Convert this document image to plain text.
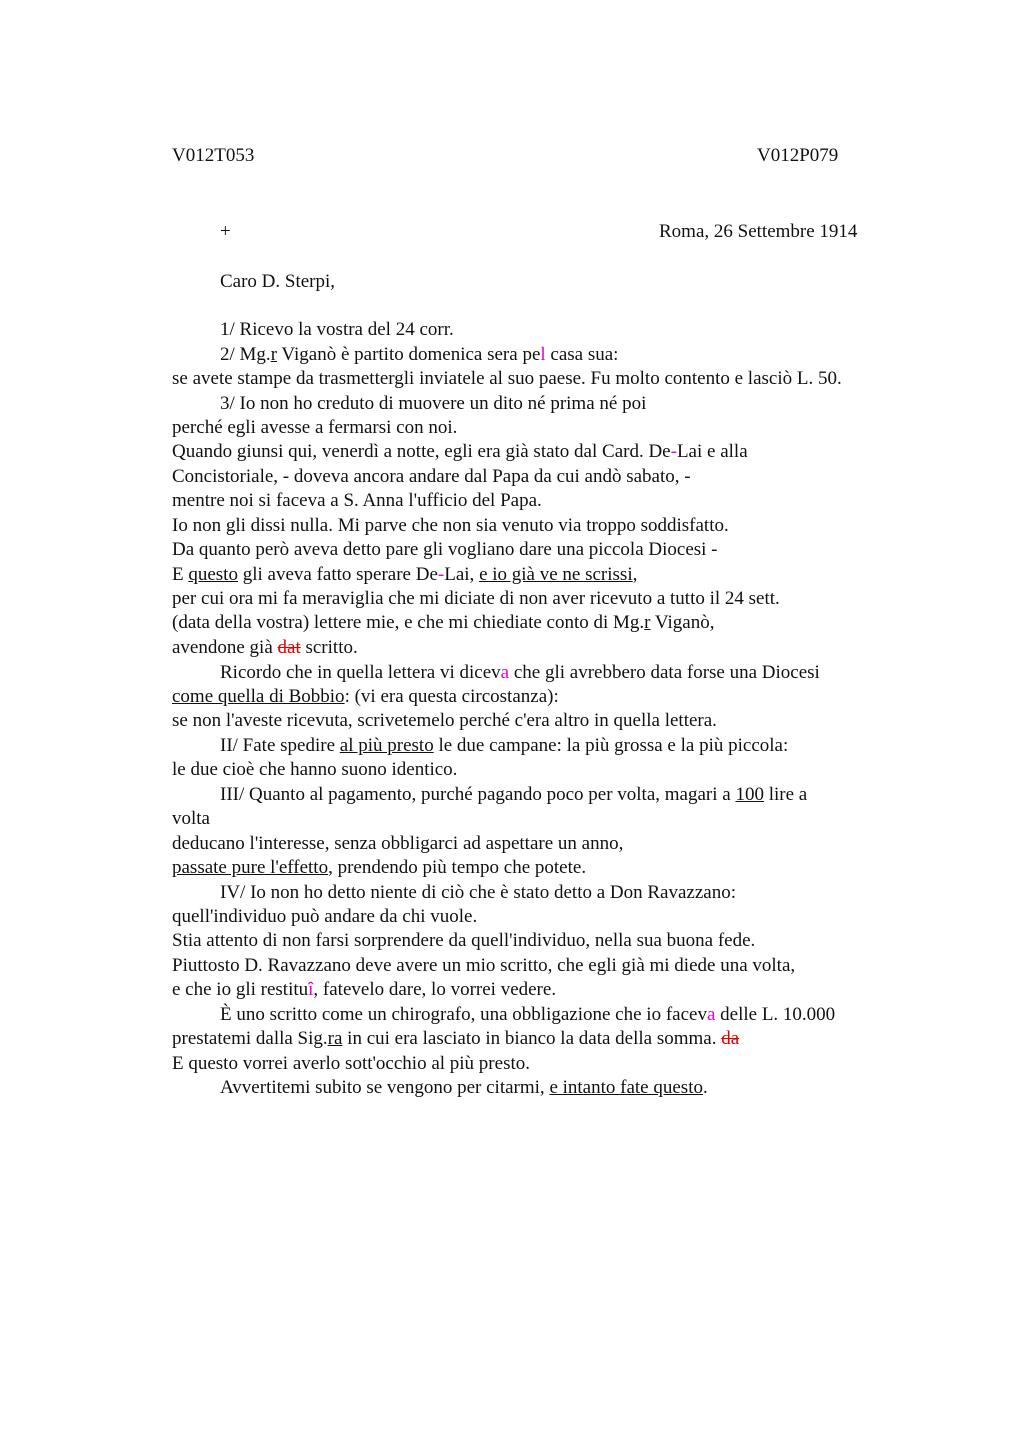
V012T053	V012P079
+	Roma, 26 Settembre 1914
Caro D. Sterpi,
1/ Ricevo la vostra del 24 corr.
2/ Mg.r Viganò è partito domenica sera pel casa sua:
se avete stampe da trasmettergli inviatele al suo paese. Fu molto contento e lasciò L. 50.
3/ Io non ho creduto di muovere un dito né prima né poi
perché egli avesse a fermarsi con noi.
Quando giunsi qui, venerdì a notte, egli era già stato dal Card. De-Lai e alla
Concistoriale, - doveva ancora andare dal Papa da cui andò sabato, -
mentre noi si faceva a S. Anna l'ufficio del Papa.
Io non gli dissi nulla. Mi parve che non sia venuto via troppo soddisfatto.
Da quanto però aveva detto pare gli vogliano dare una piccola Diocesi -
E questo gli aveva fatto sperare De-Lai, e io già ve ne scrissi,
per cui ora mi fa meraviglia che mi diciate di non aver ricevuto a tutto il 24 sett.
(data della vostra) lettere mie, e che mi chiediate conto di Mg.r Viganò,
avendone già dat scritto.
Ricordo che in quella lettera vi diceva che gli avrebbero data forse una Diocesi
come quella di Bobbio: (vi era questa circostanza):
se non l'aveste ricevuta, scrivetemelo perché c'era altro in quella lettera.
II/ Fate spedire al più presto le due campane: la più grossa e la più piccola:
le due cioè che hanno suono identico.
III/ Quanto al pagamento, purché pagando poco per volta, magari a 100 lire a
volta
deducano l'interesse, senza obbligarci ad aspettare un anno,
passate pure l'effetto, prendendo più tempo che potete.
IV/ Io non ho detto niente di ciò che è stato detto a Don Ravazzano:
quell'individuo può andare da chi vuole.
Stia attento di non farsi sorprendere da quell'individuo, nella sua buona fede.
Piuttosto D. Ravazzano deve avere un mio scritto, che egli già mi diede una volta,
e che io gli restituî, fatevelo dare, lo vorrei vedere.
È uno scritto come un chirografo, una obbligazione che io faceva delle L. 10.000
prestatemi dalla Sig.ra in cui era lasciato in bianco la data della somma. da
E questo vorrei averlo sott'occhio al più presto.
Avvertitemi subito se vengono per citarmi, e intanto fate questo.
